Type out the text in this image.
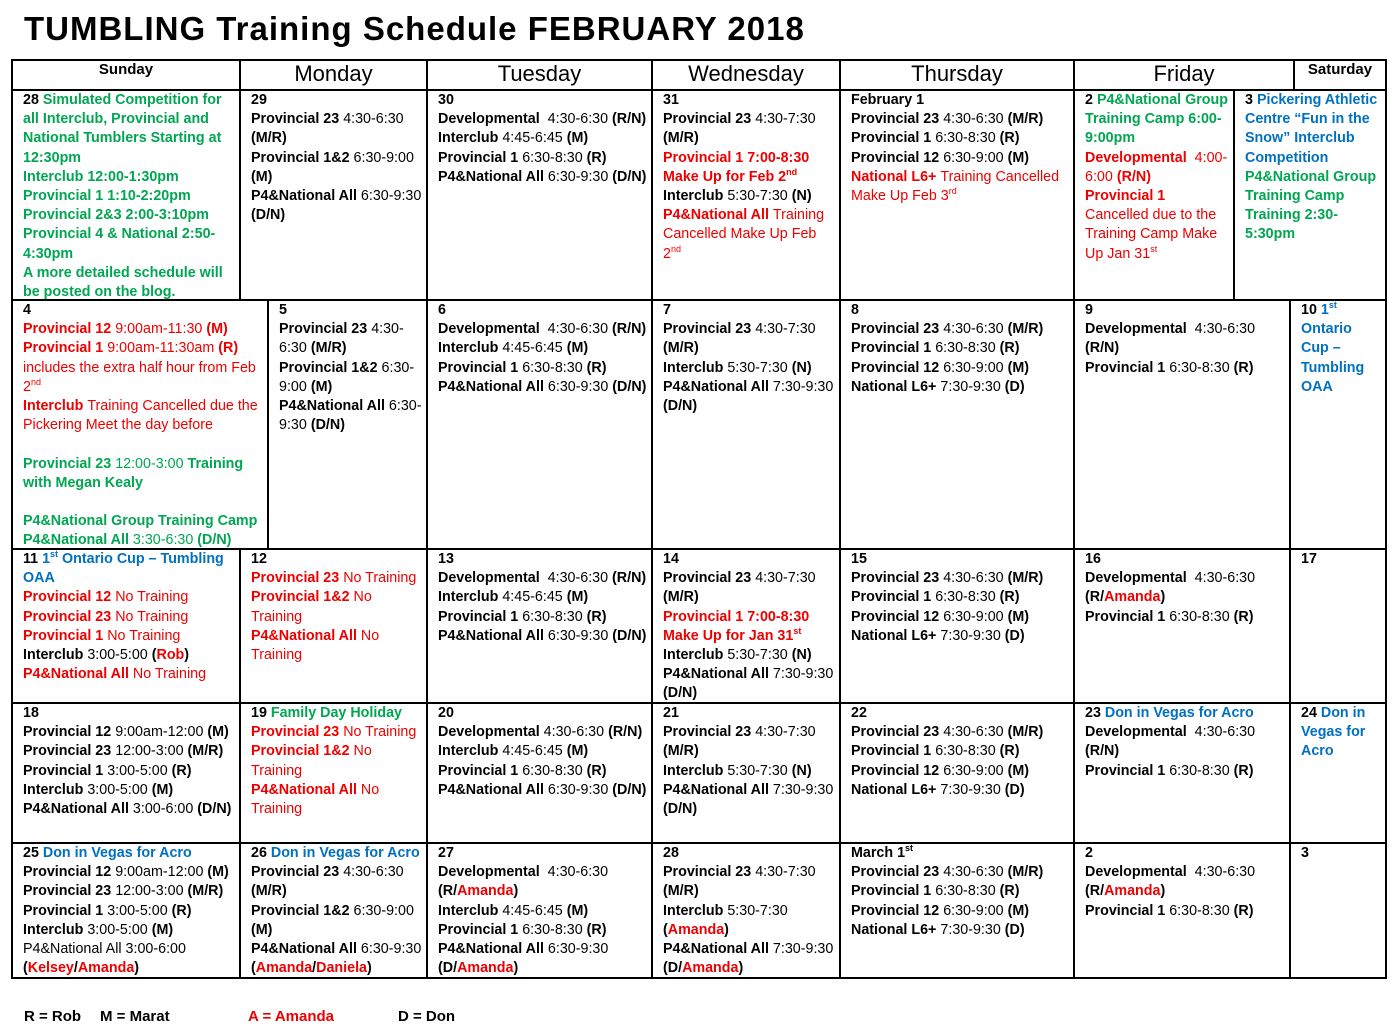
TUMBLING Training Schedule FEBRUARY 2018
Sunday	Monday	Tuesday	Wednesday	Thursday	Friday	Saturday
28 Simulated Competition for
all Interclub, Provincial and
National Tumblers Starting at
12:30pm
Interclub 12:00-1:30pm
Provincial 1 1:10-2:20pm
Provincial 2&3 2:00-3:10pm
Provincial 4 & National 2:50-
4:30pm
A more detailed schedule will
be posted on the blog.
29
Provincial 23 4:30-6:30
(M/R)
Provincial 1&2 6:30-9:00
(M)
P4&National All 6:30-9:30
(D/N)
30
Developmental  4:30-6:30 (R/N)
Interclub 4:45-6:45 (M)
Provincial 1 6:30-8:30 (R)
P4&National All 6:30-9:30 (D/N)
31
Provincial 23 4:30-7:30
(M/R)
Provincial 1 7:00-8:30
Make Up for Feb 2nd
Interclub 5:30-7:30 (N)
P4&National All Training
Cancelled Make Up Feb
2nd
February 1
Provincial 23 4:30-6:30 (M/R)
Provincial 1 6:30-8:30 (R)
Provincial 12 6:30-9:00 (M)
National L6+ Training Cancelled
Make Up Feb 3rd
2 P4&National Group
Training Camp 6:00-
9:00pm
Developmental  4:00-
6:00 (R/N)
Provincial 1
Cancelled due to the
Training Camp Make
Up Jan 31st
3 Pickering Athletic
Centre “Fun in the
Snow” Interclub
Competition
P4&National Group
Training Camp
Training 2:30-
5:30pm
4
Provincial 12 9:00am-11:30 (M)
Provincial 1 9:00am-11:30am (R)
includes the extra half hour from Feb
2nd
Interclub Training Cancelled due the
Pickering Meet the day before
Provincial 23 12:00-3:00 Training
with Megan Kealy
P4&National Group Training Camp
P4&National All 3:30-6:30 (D/N)
5
Provincial 23 4:30-
6:30 (M/R)
Provincial 1&2 6:30-
9:00 (M)
P4&National All 6:30-
9:30 (D/N)
6
Developmental  4:30-6:30 (R/N)
Interclub 4:45-6:45 (M)
Provincial 1 6:30-8:30 (R)
P4&National All 6:30-9:30 (D/N)
7
Provincial 23 4:30-7:30
(M/R)
Interclub 5:30-7:30 (N)
P4&National All 7:30-9:30
(D/N)
8
Provincial 23 4:30-6:30 (M/R)
Provincial 1 6:30-8:30 (R)
Provincial 12 6:30-9:00 (M)
National L6+ 7:30-9:30 (D)
9
Developmental  4:30-6:30
(R/N)
Provincial 1 6:30-8:30 (R)
10 1st
Ontario
Cup –
Tumbling
OAA
11 1st Ontario Cup – Tumbling
OAA
Provincial 12 No Training
Provincial 23 No Training
Provincial 1 No Training
Interclub 3:00-5:00 (Rob)
P4&National All No Training
12
Provincial 23 No Training
Provincial 1&2 No
Training
P4&National All No
Training
13
Developmental  4:30-6:30 (R/N)
Interclub 4:45-6:45 (M)
Provincial 1 6:30-8:30 (R)
P4&National All 6:30-9:30 (D/N)
14
Provincial 23 4:30-7:30
(M/R)
Provincial 1 7:00-8:30
Make Up for Jan 31st
Interclub 5:30-7:30 (N)
P4&National All 7:30-9:30
(D/N)
15
Provincial 23 4:30-6:30 (M/R)
Provincial 1 6:30-8:30 (R)
Provincial 12 6:30-9:00 (M)
National L6+ 7:30-9:30 (D)
16
Developmental  4:30-6:30
(R/Amanda)
Provincial 1 6:30-8:30 (R)
17
18
Provincial 12 9:00am-12:00 (M)
Provincial 23 12:00-3:00 (M/R)
Provincial 1 3:00-5:00 (R)
Interclub 3:00-5:00 (M)
P4&National All 3:00-6:00 (D/N)
19 Family Day Holiday
Provincial 23 No Training
Provincial 1&2 No
Training
P4&National All No
Training
20
Developmental 4:30-6:30 (R/N)
Interclub 4:45-6:45 (M)
Provincial 1 6:30-8:30 (R)
P4&National All 6:30-9:30 (D/N)
21
Provincial 23 4:30-7:30
(M/R)
Interclub 5:30-7:30 (N)
P4&National All 7:30-9:30
(D/N)
22
Provincial 23 4:30-6:30 (M/R)
Provincial 1 6:30-8:30 (R)
Provincial 12 6:30-9:00 (M)
National L6+ 7:30-9:30 (D)
23 Don in Vegas for Acro
Developmental  4:30-6:30
(R/N)
Provincial 1 6:30-8:30 (R)
24 Don in
Vegas for
Acro
25 Don in Vegas for Acro
Provincial 12 9:00am-12:00 (M)
Provincial 23 12:00-3:00 (M/R)
Provincial 1 3:00-5:00 (R)
Interclub 3:00-5:00 (M)
P4&National All 3:00-6:00
(Kelsey/Amanda)
26 Don in Vegas for Acro
Provincial 23 4:30-6:30
(M/R)
Provincial 1&2 6:30-9:00
(M)
P4&National All 6:30-9:30
(Amanda/Daniela)
27
Developmental  4:30-6:30
(R/Amanda)
Interclub 4:45-6:45 (M)
Provincial 1 6:30-8:30 (R)
P4&National All 6:30-9:30
(D/Amanda)
28
Provincial 23 4:30-7:30
(M/R)
Interclub 5:30-7:30
(Amanda)
P4&National All 7:30-9:30
(D/Amanda)
March 1st
Provincial 23 4:30-6:30 (M/R)
Provincial 1 6:30-8:30 (R)
Provincial 12 6:30-9:00 (M)
National L6+ 7:30-9:30 (D)
2
Developmental  4:30-6:30
(R/Amanda)
Provincial 1 6:30-8:30 (R)
3
R = Rob M = Marat	A = Amanda	D = Don
